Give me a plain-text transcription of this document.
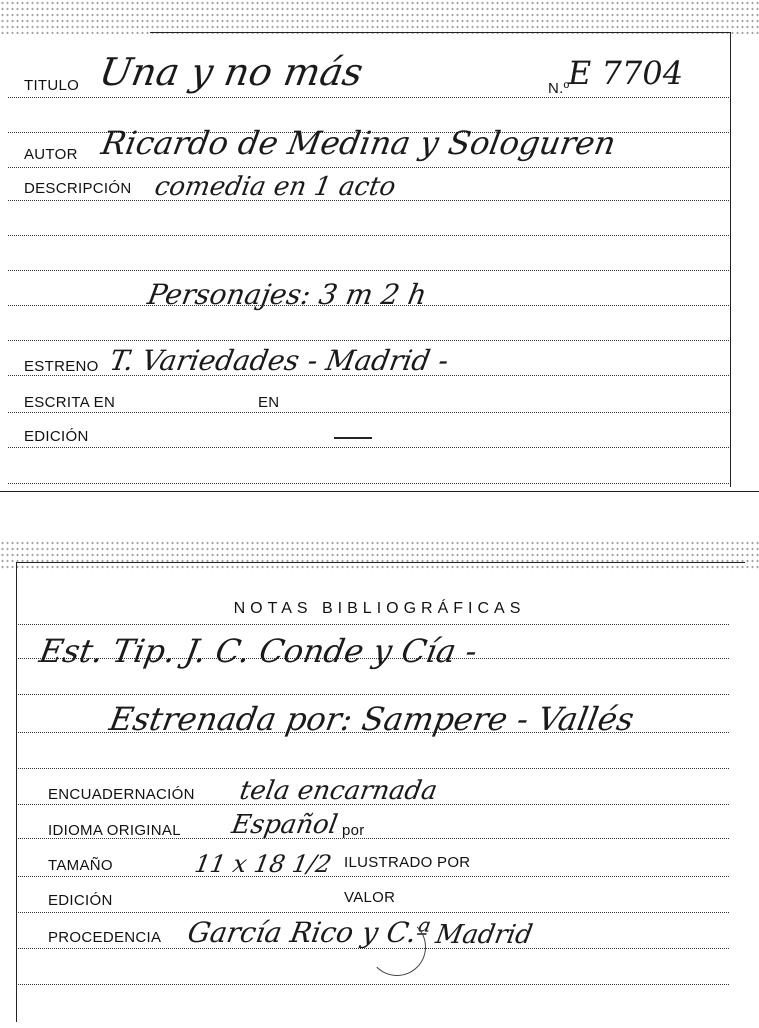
TITULO Una y no más	N.º
E 7704
AUTOR Ricardo de Medina y Sologuren
DESCRIPCIÓN comedia en 1 acto
Personajes: 3 m 2 h
ESTRENO T. Variedades - Madrid -
ESCRITA EN	EN
EDICIÓN
NOTAS BIBLIOGRÁFICAS
Est. Tip. J. C. Conde y Cía -
Estrenada por: Sampere - Vallés
ENCUADERNACIÓN tela encarnada
IDIOMA ORIGINAL Español por
TAMAÑO	11 x 18 1/2 ILUSTRADO POR
EDICIÓN	VALOR
PROCEDENCIA García Rico y C.ª Madrid
